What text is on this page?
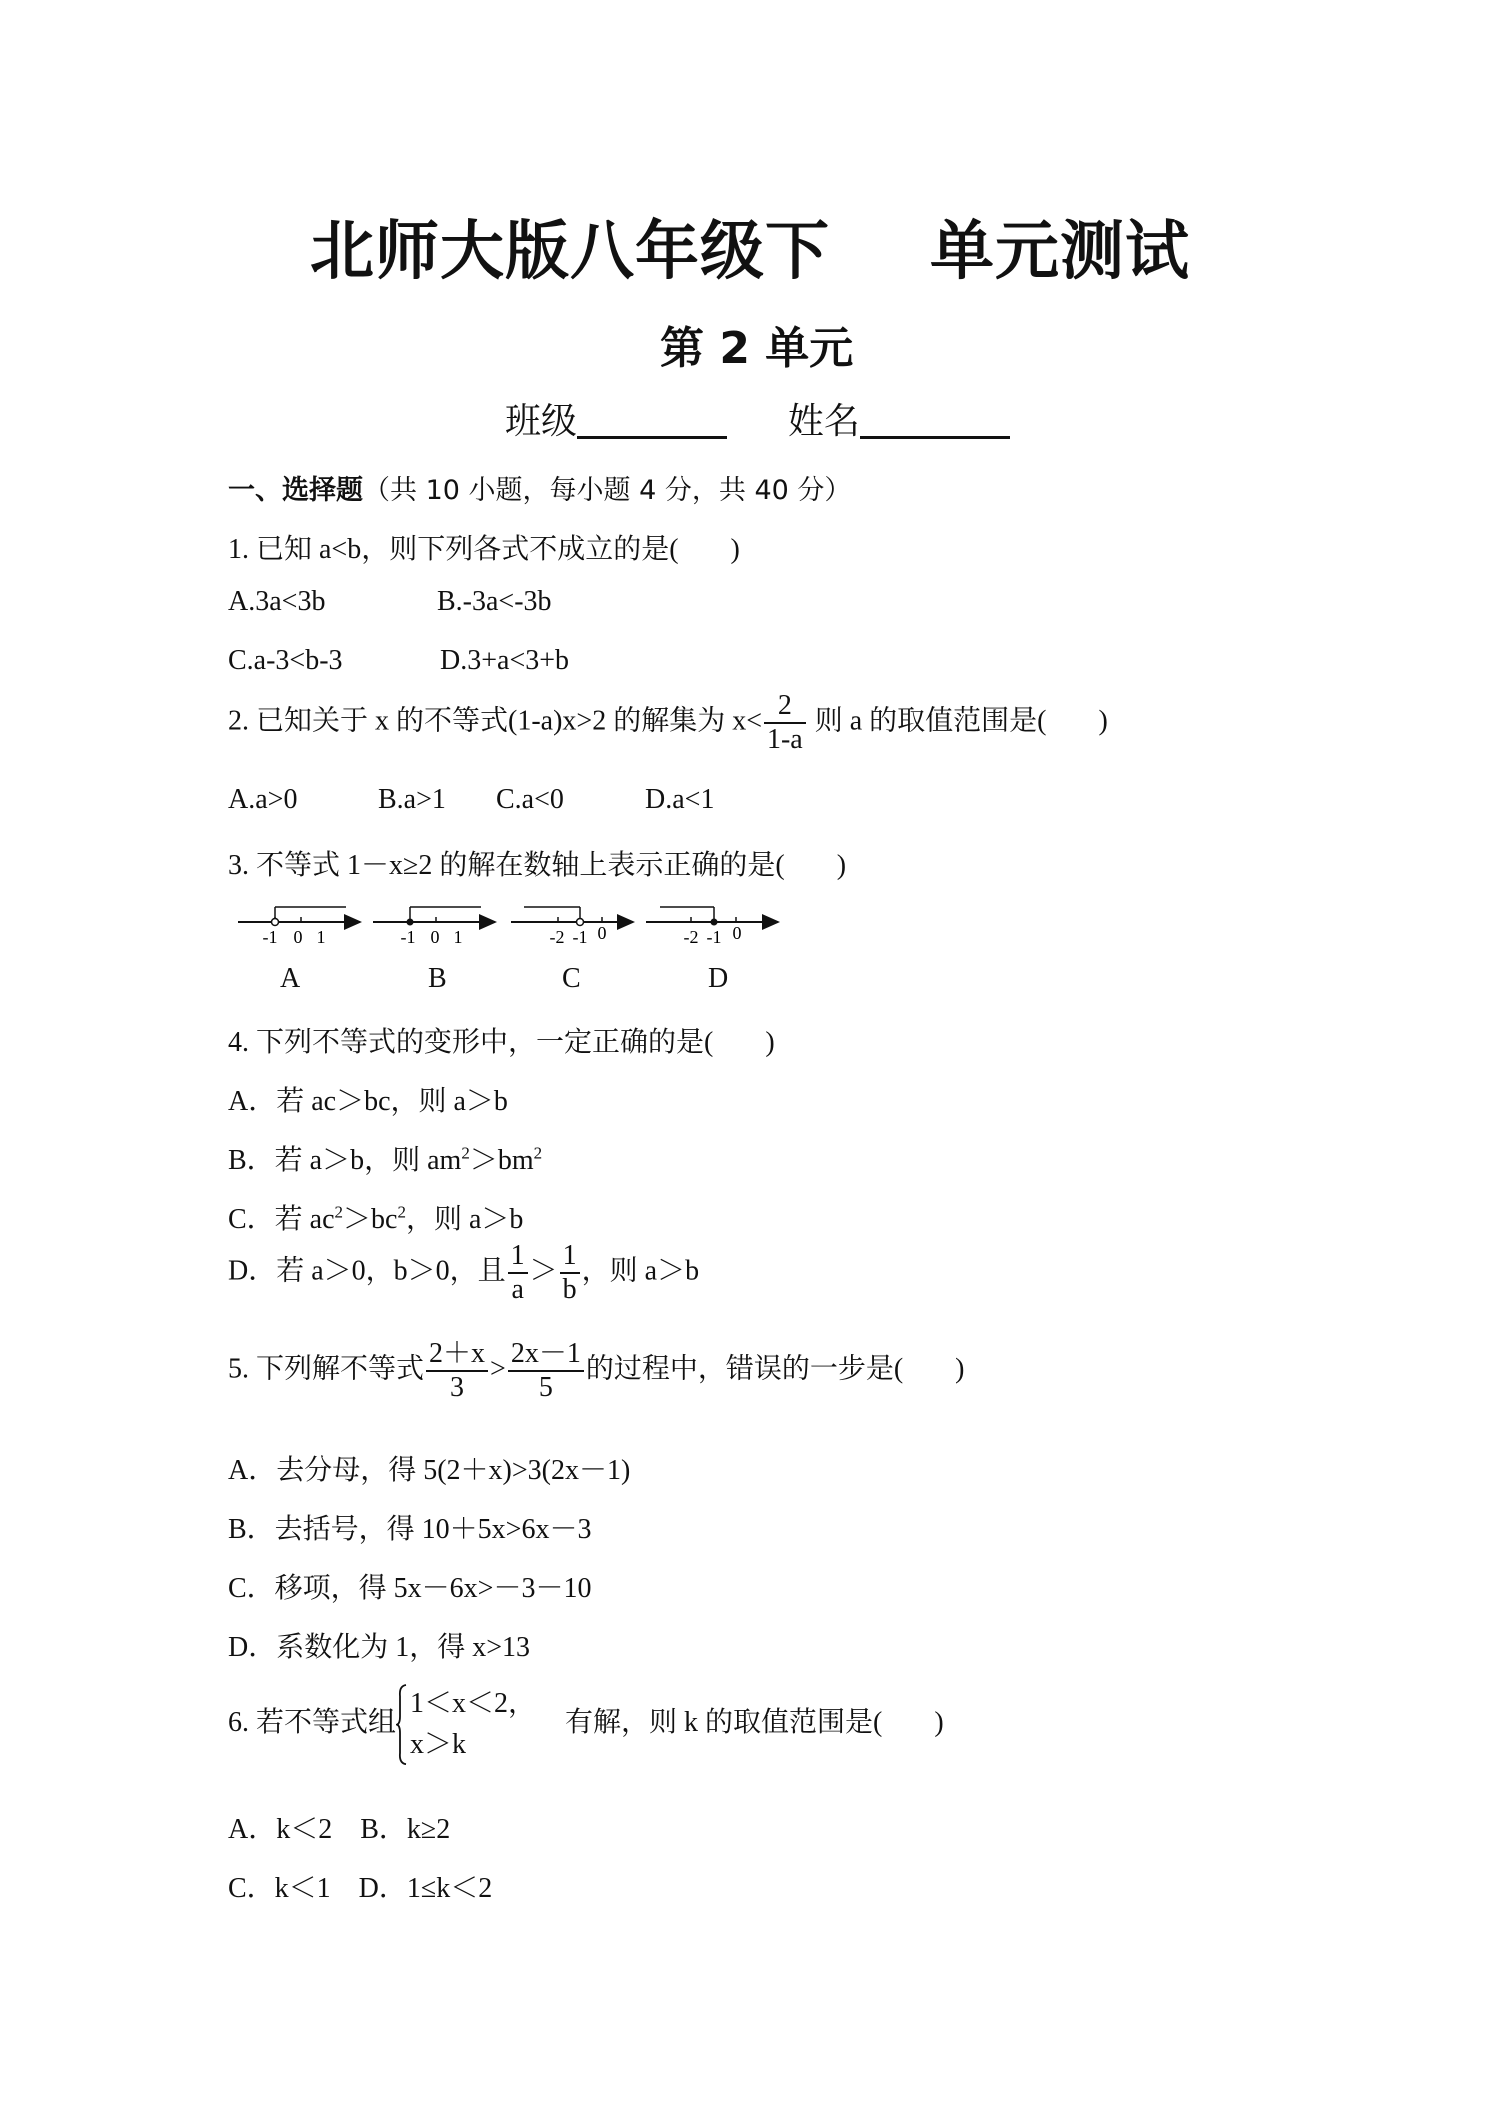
北师大版八年级下 单元测试
第 2 单元
班级	姓名
一、选择题（共 10 小题，每小题 4 分，共 40 分）
1. 已知 a<b，则下列各式不成立的是( )
A.3a<3b	B.-3a<-3b
C.a-3<b-3	D.3+a<3+b
2. 已知关于 x 的不等式(1-a)x>2 的解集为 $x< \frac{2}{1-a}$ 则 a 的取值范围是( )
A.a>0	B.a>1 C.a<0	D.a<1
3. 不等式 1－x≥2 的解在数轴上表示正确的是( )
-1 0 1	-1 0 1	-2 -1 0	-2 -1 0
A	B	C	D
4. 下列不等式的变形中，一定正确的是( )
A．若 ac＞bc，则 a＞b
B．若 a＞b，则 $am^2>bm^2$
C．若 $ac^2>bc^2$，则 a＞b
D．若 a＞0，b＞0，且 $\frac{1}{a} > \frac{1}{b}$ ，则 a＞b
5. 下列解不等式 $\frac{2+x}{3} > \frac{2x-1}{5}$ 的过程中，错误的一步是( )
A．去分母，得 5(2＋x)>3(2x－1)
B．去括号，得 10＋5x>6x－3
C．移项，得 5x－6x>－3－10
D．系数化为 1，得 x>13
6. 若不等式组
1＜x＜2，
x＞k
有解，则 k 的取值范围是( )
A．k＜2    B．k≥2
C．k＜1    D．1≤k＜2
